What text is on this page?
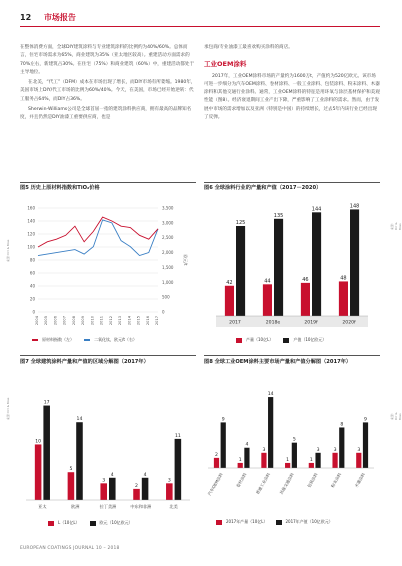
12 市场报告

在整体消费方面，全球DIY建筑涂料与专业建筑涂料的比例约为40%/60%。总体而言，住宅市场需求为65%，商业建筑为35%（亚太地区较高）。重建活动方面需求的70%左右，新建筑占30%。在住宅（75%）和商业建筑（60%）中，重建活动都处于主导地位。

在北美，“代工”（DFM）成本在市场出现了增长，而DIY市场有所萎缩。1980年，美国市场上DIY/代工市场的比例为60%/40%。今天，在美国，市场已经开始逆转：代工服务占64%，而DIY占36%。

Sherwin-Williams公司是全球首屈一指的建筑涂料供应商，拥有最高的品牌知名度，并且仍然是DIY油漆工重要供应商，也是

承包商/专业油漆工最喜欢购买涂料的商店。

工业OEM涂料

2017年，工业OEM涂料市场的产量约为1600万t，产值约为520亿欧元。该市场可进一步细分为汽车OEM涂料、卷材涂料、一般工业涂料、包装涂料、粉末涂料、木器涂料和其他交通行业涂料。通常，工业OEM涂料的特征是用环氧与涂层基材保护和美观性能（图8）。经济衰退期间工业产出下降，严重影响了工业涂料的需求。然而，由于发展中市场的需求增加以及亚洲（特别是中国）的持续增长，过去5年内该行业已经出现了反弹。

图5 历史上原材料指数和TiO₂价格
来源: Orr & Boss
0
20
40
60
80
100
120
140
160
0
500
1,000
1,500
2,000
2,500
3,000
3,500
欧元/t
2004 2005 2006 2007 2008 2009 2010 2011 2012 2013 2014 2015 2016 2017
原材料指数（左）	二氧化钛，欧元/t（右）
图6 全球涂料行业的产量和产值（2017－2020）
来源: Orr & Boss
42
125
2017
44
135
2018e
46
144
2019f
48
148
2020f
产量（10亿L）	产值（10亿欧元）
图7 全球建筑涂料产量和产值的区域分解图（2017年）
来源: Orr & Boss
10
17
亚太
5
14
欧洲
3
4
拉丁美洲
2
4
中东和非洲
3
11
北美
L（10亿L）	欧元（10亿欧元）
图8 全球工业OEM涂料主要市场产量和产值分解图（2017年）
来源: Orr & Boss
2
9
汽车OEM涂料
1
4
卷材涂料
3
14
普通工业涂料
1
5
其他交通涂料
1
3
包装涂料
3
8
粉末涂料
3
9
木器涂料
2017年产量（10亿L）	2017年产值（10亿欧元）
EUROPEAN COATINGS JOURNAL 10 – 2018
